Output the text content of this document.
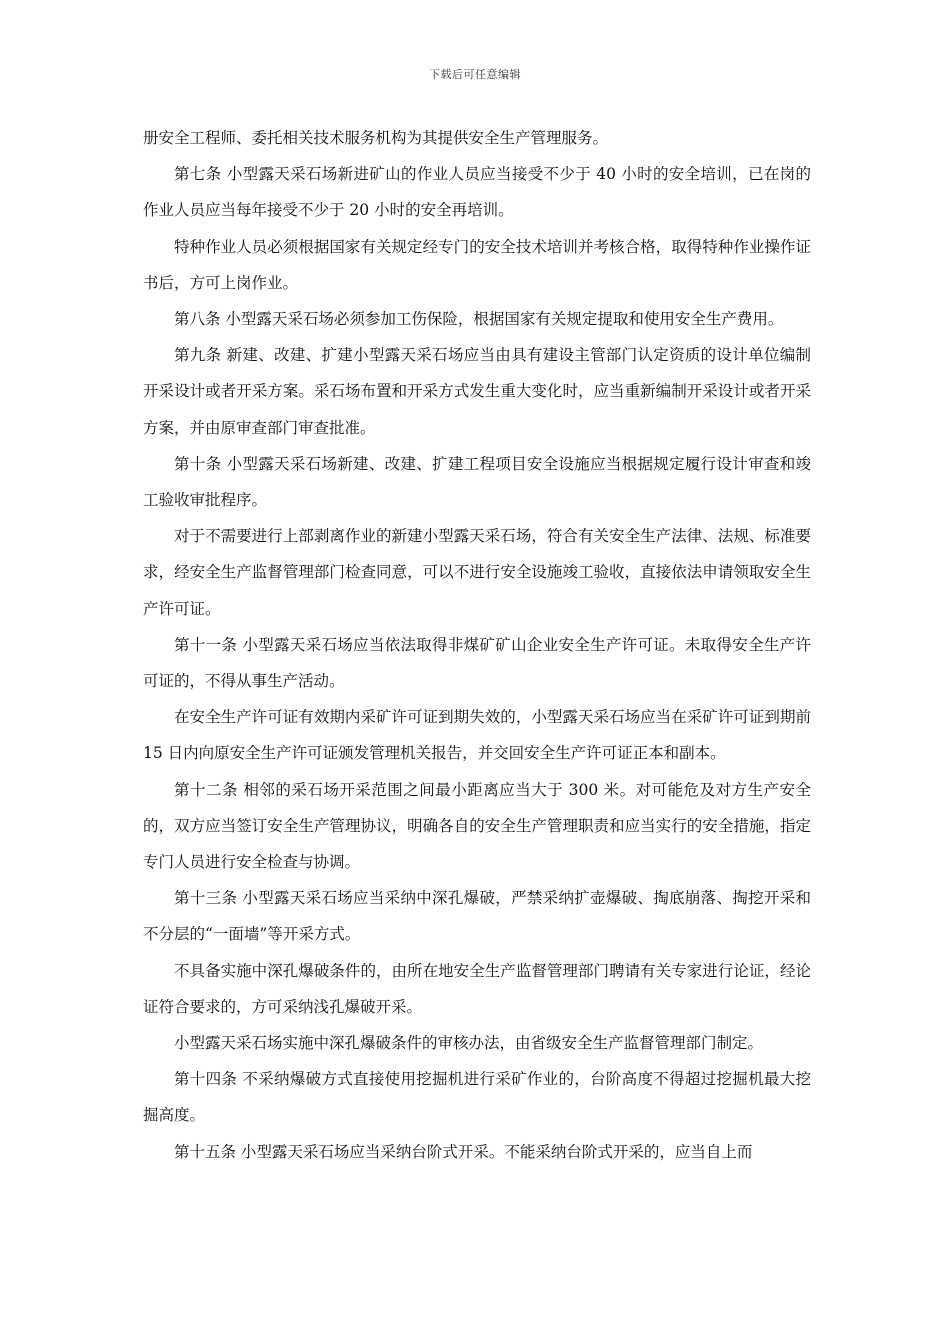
下载后可任意编辑

册安全工程师、委托相关技术服务机构为其提供安全生产管理服务。

第七条 小型露天采石场新进矿山的作业人员应当接受不少于 40 小时的安全培训，已在岗的作业人员应当每年接受不少于 20 小时的安全再培训。

特种作业人员必须根据国家有关规定经专门的安全技术培训并考核合格，取得特种作业操作证书后，方可上岗作业。

第八条 小型露天采石场必须参加工伤保险，根据国家有关规定提取和使用安全生产费用。

第九条 新建、改建、扩建小型露天采石场应当由具有建设主管部门认定资质的设计单位编制开采设计或者开采方案。采石场布置和开采方式发生重大变化时，应当重新编制开采设计或者开采方案，并由原审查部门审查批准。

第十条 小型露天采石场新建、改建、扩建工程项目安全设施应当根据规定履行设计审查和竣工验收审批程序。

对于不需要进行上部剥离作业的新建小型露天采石场，符合有关安全生产法律、法规、标准要求，经安全生产监督管理部门检查同意，可以不进行安全设施竣工验收，直接依法申请领取安全生产许可证。

第十一条 小型露天采石场应当依法取得非煤矿矿山企业安全生产许可证。未取得安全生产许可证的，不得从事生产活动。

在安全生产许可证有效期内采矿许可证到期失效的，小型露天采石场应当在采矿许可证到期前 15 日内向原安全生产许可证颁发管理机关报告，并交回安全生产许可证正本和副本。

第十二条 相邻的采石场开采范围之间最小距离应当大于 300 米。对可能危及对方生产安全的，双方应当签订安全生产管理协议，明确各自的安全生产管理职责和应当实行的安全措施，指定专门人员进行安全检查与协调。

第十三条 小型露天采石场应当采纳中深孔爆破，严禁采纳扩壶爆破、掏底崩落、掏挖开采和不分层的“一面墙”等开采方式。

不具备实施中深孔爆破条件的，由所在地安全生产监督管理部门聘请有关专家进行论证，经论证符合要求的，方可采纳浅孔爆破开采。

小型露天采石场实施中深孔爆破条件的审核办法，由省级安全生产监督管理部门制定。

第十四条 不采纳爆破方式直接使用挖掘机进行采矿作业的，台阶高度不得超过挖掘机最大挖掘高度。

第十五条 小型露天采石场应当采纳台阶式开采。不能采纳台阶式开采的，应当自上而
